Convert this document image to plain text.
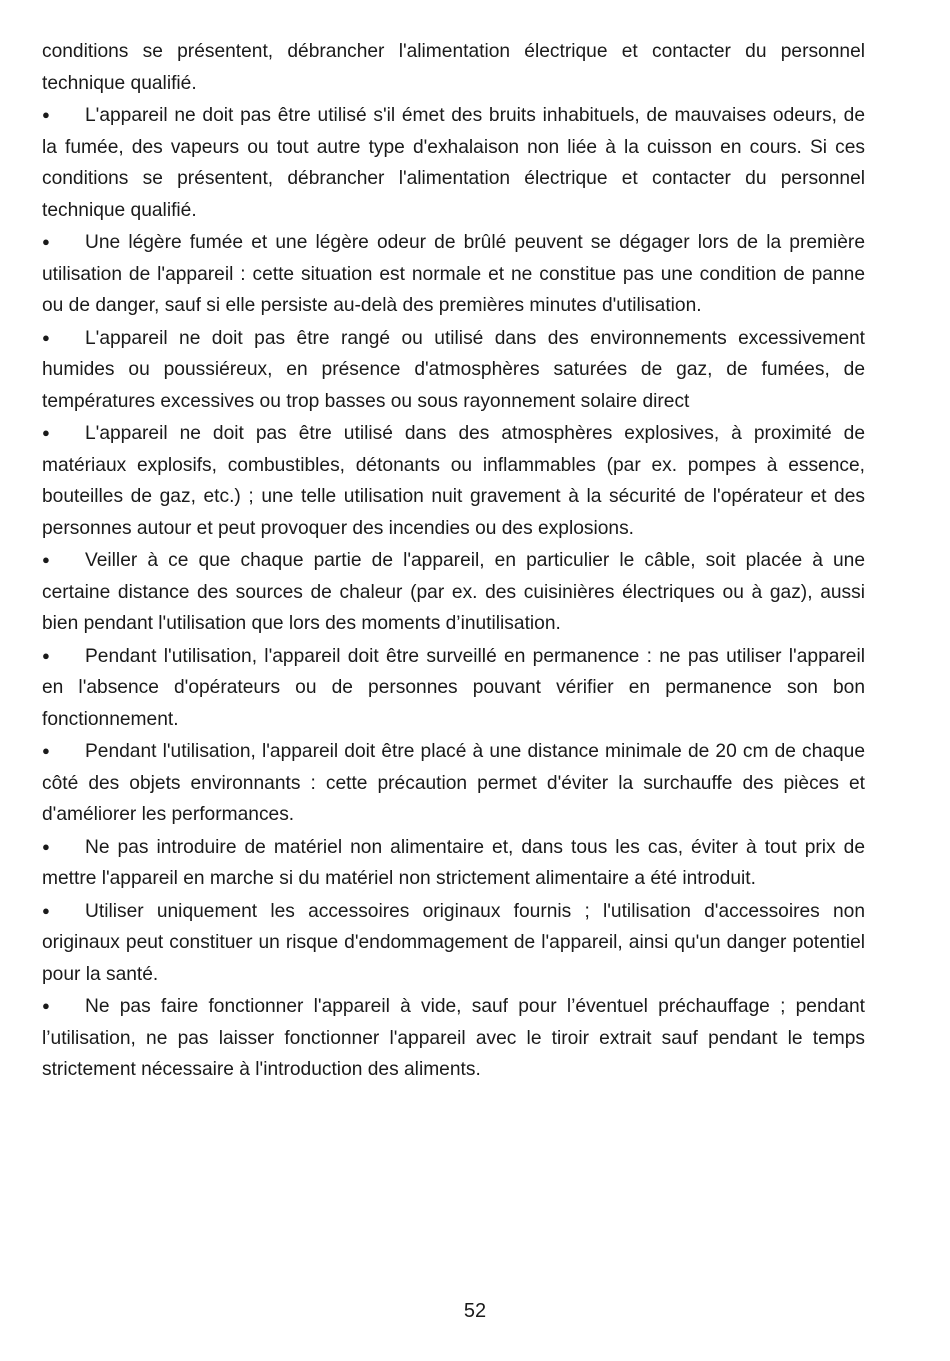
conditions se présentent, débrancher l'alimentation électrique et contacter du personnel technique qualifié.

● L'appareil ne doit pas être utilisé s'il émet des bruits inhabituels, de mauvaises odeurs, de la fumée, des vapeurs ou tout autre type d'exhalaison non liée à la cuisson en cours. Si ces conditions se présentent, débrancher l'alimentation électrique et contacter du personnel technique qualifié.

● Une légère fumée et une légère odeur de brûlé peuvent se dégager lors de la première utilisation de l'appareil : cette situation est normale et ne constitue pas une condition de panne ou de danger, sauf si elle persiste au-delà des premières minutes d'utilisation.

● L'appareil ne doit pas être rangé ou utilisé dans des environnements excessivement humides ou poussiéreux, en présence d'atmosphères saturées de gaz, de fumées, de températures excessives ou trop basses ou sous rayonnement solaire direct

● L'appareil ne doit pas être utilisé dans des atmosphères explosives, à proximité de matériaux explosifs, combustibles, détonants ou inflammables (par ex. pompes à essence, bouteilles de gaz, etc.) ; une telle utilisation nuit gravement à la sécurité de l'opérateur et des personnes autour et peut provoquer des incendies ou des explosions.

● Veiller à ce que chaque partie de l'appareil, en particulier le câble, soit placée à une certaine distance des sources de chaleur (par ex. des cuisinières électriques ou à gaz), aussi bien pendant l'utilisation que lors des moments d’inutilisation.

● Pendant l'utilisation, l'appareil doit être surveillé en permanence : ne pas utiliser l'appareil en l'absence d'opérateurs ou de personnes pouvant vérifier en permanence son bon fonctionnement.

● Pendant l'utilisation, l'appareil doit être placé à une distance minimale de 20 cm de chaque côté des objets environnants : cette précaution permet d'éviter la surchauffe des pièces et d'améliorer les performances.

● Ne pas introduire de matériel non alimentaire et, dans tous les cas, éviter à tout prix de mettre l'appareil en marche si du matériel non strictement alimentaire a été introduit.

● Utiliser uniquement les accessoires originaux fournis ; l'utilisation d'accessoires non originaux peut constituer un risque d'endommagement de l'appareil, ainsi qu'un danger potentiel pour la santé.

● Ne pas faire fonctionner l'appareil à vide, sauf pour l’éventuel préchauffage ; pendant l’utilisation, ne pas laisser fonctionner l'appareil avec le tiroir extrait sauf pendant le temps strictement nécessaire à l'introduction des aliments.

52
